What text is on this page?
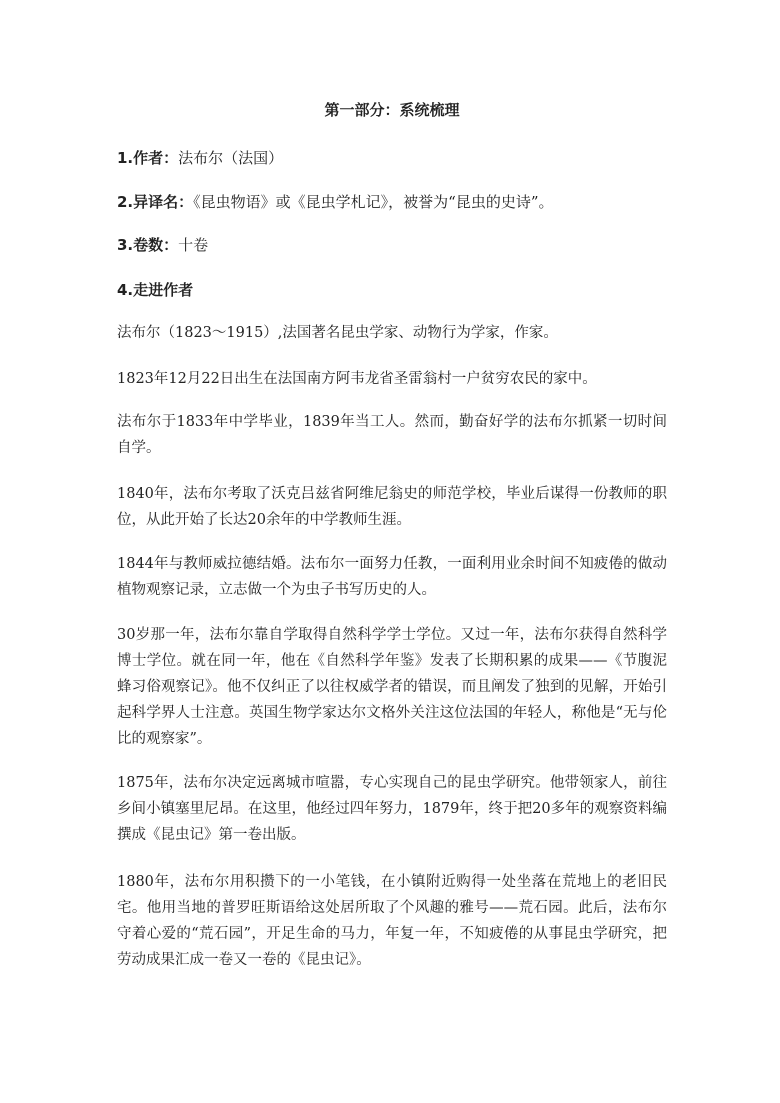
第一部分：系统梳理
1.作者：法布尔（法国）
2.异译名：《昆虫物语》或《昆虫学札记》，被誉为“昆虫的史诗”。
3.卷数：十卷
4.走进作者
法布尔（1823～1915）,法国著名昆虫学家、动物行为学家，作家。
1823年12月22日出生在法国南方阿韦龙省圣雷翁村一户贫穷农民的家中。
法布尔于1833年中学毕业，1839年当工人。然而，勤奋好学的法布尔抓紧一切时间自学。
1840年，法布尔考取了沃克吕兹省阿维尼翁史的师范学校，毕业后谋得一份教师的职位，从此开始了长达20余年的中学教师生涯。
1844年与教师威拉德结婚。法布尔一面努力任教，一面利用业余时间不知疲倦的做动植物观察记录，立志做一个为虫子书写历史的人。
30岁那一年，法布尔靠自学取得自然科学学士学位。又过一年，法布尔获得自然科学博士学位。就在同一年，他在《自然科学年鉴》发表了长期积累的成果——《节腹泥蜂习俗观察记》。他不仅纠正了以往权威学者的错误，而且阐发了独到的见解，开始引起科学界人士注意。英国生物学家达尔文格外关注这位法国的年轻人，称他是“无与伦比的观察家”。
1875年，法布尔决定远离城市喧嚣，专心实现自己的昆虫学研究。他带领家人，前往乡间小镇塞里尼昂。在这里，他经过四年努力，1879年，终于把20多年的观察资料编撰成《昆虫记》第一卷出版。
1880年，法布尔用积攒下的一小笔钱，在小镇附近购得一处坐落在荒地上的老旧民宅。他用当地的普罗旺斯语给这处居所取了个风趣的雅号——荒石园。此后，法布尔守着心爱的“荒石园”，开足生命的马力，年复一年，不知疲倦的从事昆虫学研究，把劳动成果汇成一卷又一卷的《昆虫记》。
